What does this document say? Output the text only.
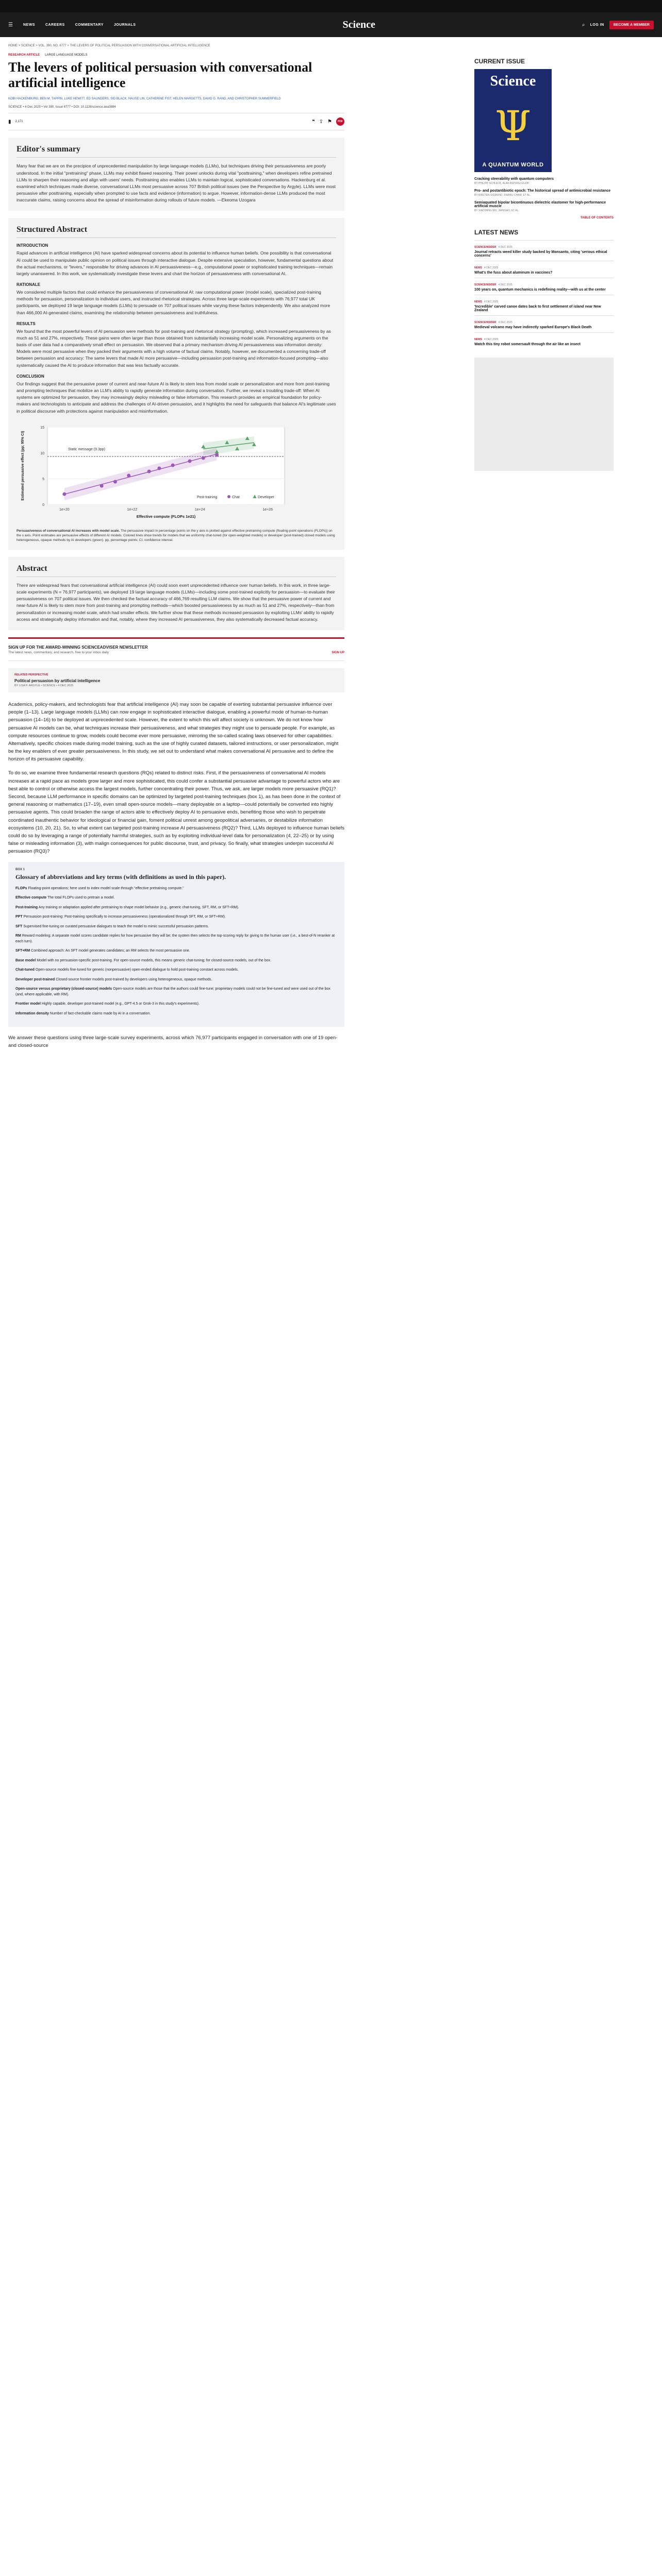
☰	NEWS	CAREERS	COMMENTARY	JOURNALS	Science	⌕ LOG IN	BECOME A MEMBER
HOME > SCIENCE > VOL. 390, NO. 6777 > THE LEVERS OF POLITICAL PERSUASION WITH CONVERSATIONAL ARTIFICIAL INTELLIGENCE
RESEARCH ARTICLE LARGE LANGUAGE MODELS
The levers of political persuasion with conversational artificial intelligence
KOBI HACKENBURG, BEN M. TAPPIN, LUKE HEWITT, ED SAUNDERS, SID BLACK, HAUSE LIN, CATHERINE FIST, HELEN MARGETTS, DAVID G. RAND, AND CHRISTOPHER SUMMERFIELD
SCIENCE • 4 Dec 2025 • Vol 390, Issue 6777 • DOI: 10.1126/science.aea3884
▮ 2,171	❝ ⇪ ⚑	PDF
Editor's summary

Many fear that we are on the precipice of unprecedented manipulation by large language models (LLMs), but techniques driving their persuasiveness are poorly understood. In the initial "pretraining" phase, LLMs may exhibit flawed reasoning. Their power unlocks during vital "posttraining," when developers refine pretrained LLMs to sharpen their reasoning and align with users' needs. Posttraining also enables LLMs to maintain logical, sophisticated conversations. Hackenburg et al. examined which techniques made diverse, conversational LLMs most persuasive across 707 British political issues (see the Perspective by Argyle). LLMs were most persuasive after posttraining, especially when prompted to use facts and evidence (information) to argue. However, information-dense LLMs produced the most inaccurate claims, raising concerns about the spread of misinformation during rollouts of future models. —Ekeoma Uzogara

Structured Abstract
INTRODUCTION

Rapid advances in artificial intelligence (AI) have sparked widespread concerns about its potential to influence human beliefs. One possibility is that conversational AI could be used to manipulate public opinion on political issues through interactive dialogue. Despite extensive speculation, however, fundamental questions about the actual mechanisms, or "levers," responsible for driving advances in AI persuasiveness—e.g., computational power or sophisticated training techniques—remain largely unanswered. In this work, we systematically investigate these levers and chart the horizon of persuasiveness with conversational AI.

RATIONALE

We considered multiple factors that could enhance the persuasiveness of conversational AI: raw computational power (model scale), specialized post-training methods for persuasion, personalization to individual users, and instructed rhetorical strategies. Across three large-scale experiments with 76,977 total UK participants, we deployed 19 large language models (LLMs) to persuade on 707 political issues while varying these factors independently. We also analyzed more than 466,000 AI-generated claims, examining the relationship between persuasiveness and truthfulness.

RESULTS

We found that the most powerful levers of AI persuasion were methods for post-training and rhetorical strategy (prompting), which increased persuasiveness by as much as 51 and 27%, respectively. These gains were often larger than those obtained from substantially increasing model scale. Personalizing arguments on the basis of user data had a comparatively small effect on persuasion. We observed that a primary mechanism driving AI persuasiveness was information density: Models were most persuasive when they packed their arguments with a high volume of factual claims. Notably, however, we documented a concerning trade-off between persuasion and accuracy: The same levers that made AI more persuasive—including persuasion post-training and information-focused prompting—also systematically caused the AI to produce information that was less factually accurate.

CONCLUSION

Our findings suggest that the persuasive power of current and near-future AI is likely to stem less from model scale or personalization and more from post-training and prompting techniques that mobilize an LLM's ability to rapidly generate information during conversation. Further, we reveal a troubling trade-off: When AI systems are optimized for persuasion, they may increasingly deploy misleading or false information. This research provides an empirical foundation for policy-makers and technologists to anticipate and address the challenges of AI-driven persuasion, and it highlights the need for safeguards that balance AI's legitimate uses in political discourse with protections against manipulation and misinformation.

0
5
10
15
1e+20	1e+22	1e+24	1e+26
Effective compute (FLOPs 1e21)
Estimated persuasive effect (pp; 95% CI)	Static message (9.3pp)
Post-training	Chat	Developer
Persuasiveness of conversational AI increases with model scale. The persuasive impact in percentage points on the y axis is plotted against effective pretraining compute (floating-point operations (FLOPs)) on the x axis. Point estimates are persuasive effects of different AI models. Colored lines show trends for models that we uniformly chat-tuned (for open-weighted models) or developer (post-trained) closed models using heterogeneous, opaque methods by AI developers (green). pp, percentage points; CI, confidence interval.
Abstract

There are widespread fears that conversational artificial intelligence (AI) could soon exert unprecedented influence over human beliefs. In this work, in three large-scale experiments (N = 76,977 participants), we deployed 19 large language models (LLMs)—including some post-trained explicitly for persuasion—to evaluate their persuasiveness on 707 political issues. We then checked the factual accuracy of 466,769 resulting LLM claims. We show that the persuasive power of current and near-future AI is likely to stem more from post-training and prompting methods—which boosted persuasiveness by as much as 51 and 27%, respectively—than from personalization or increasing model scale, which had smaller effects. We further show that these methods increased persuasion by exploiting LLMs' ability to rapidly access and strategically deploy information and that, notably, where they increased AI persuasiveness, they also systematically decreased factual accuracy.

SIGN UP FOR THE AWARD-WINNING SCIENCEADVISER NEWSLETTER
The latest news, commentary, and research, free to your inbox daily	SIGN UP
RELATED PERSPECTIVE
Political persuasion by artificial intelligence
BY LISA P. ARGYLE • SCIENCE • 4 DEC 2025

Academics, policy-makers, and technologists fear that artificial intelligence (AI) may soon be capable of exerting substantial persuasive influence over people (1–13). Large language models (LLMs) can now engage in sophisticated interactive dialogue, enabling a powerful mode of human-to-human persuasion (14–16) to be deployed at unprecedented scale. However, the extent to which this will affect society is unknown. We do not know how persuasive AI models can be, what techniques increase their persuasiveness, and what strategies they might use to persuade people. For example, as compute resources continue to grow, models could become ever more persuasive, mirroring the so-called scaling laws observed for other capabilities. Alternatively, specific choices made during model training, such as the use of highly curated datasets, tailored instructions, or user personalization, might be the key enablers of ever greater persuasiveness. In this study, we set out to understand what makes conversational AI persuasive and to define the horizon of its persuasive capability.

To do so, we examine three fundamental research questions (RQs) related to distinct risks. First, if the persuasiveness of conversational AI models increases at a rapid pace as models grow larger and more sophisticated, this could confer a substantial persuasive advantage to powerful actors who are best able to control or otherwise access the largest models, further concentrating their power. Thus, we ask, are larger models more persuasive (RQ1)? Second, because LLM performance in specific domains can be optimized by targeted post-training techniques (box 1), as has been done in the context of general reasoning or mathematics (17–19), even small open-source models—many deployable on a laptop—could potentially be converted into highly persuasive agents. This could broaden the range of actors able to effectively deploy AI to persuasive ends, benefiting those who wish to perpetrate coordinated inauthentic behavior for ideological or financial gain, foment political unrest among geopolitical adversaries, or destabilize information ecosystems (10, 20, 21). So, to what extent can targeted post-training increase AI persuasiveness (RQ2)? Third, LLMs deployed to influence human beliefs could do so by leveraging a range of potentially harmful strategies, such as by exploiting individual-level data for personalization (4, 22–25) or by using false or misleading information (3), with malign consequences for public discourse, trust, and privacy. So finally, what strategies underpin successful AI persuasion (RQ3)?

BOX 1
Glossary of abbreviations and key terms (with definitions as used in this paper).
FLOPs Floating-point operations; here used to index model scale through "effective pretraining compute."
Effective compute The total FLOPs used to pretrain a model.
Post-training Any training or adaptation applied after pretraining to shape model behavior (e.g., generic chat-tuning, SFT, RM, or SFT+RM).
PPT Persuasion post-training: Post-training specifically to increase persuasiveness (operationalized through SFT, RM, or SFT+RM).
SFT Supervised fine-tuning on curated persuasive dialogues to teach the model to mimic successful persuasion patterns.
RM Reward modeling: A separate model scores candidate replies for how persuasive they will be; the system then selects the top-scoring reply for giving to the human user (i.e., a best-of-N reranker at each turn).
SFT+RM Combined approach: An SFT model generates candidates; an RM selects the most persuasive one.
Base model Model with no persuasion-specific post-training. For open-source models, this means generic chat-tuning; for closed-source models, out of the box.
Chat-tuned Open-source models fine-tuned for generic (nonpersuasive) open-ended dialogue to hold post-training constant across models.
Developer post-trained Closed-source frontier models post-trained by developers using heterogeneous, opaque methods.
Open-source versus proprietary (closed-source) models Open-source models are those that the authors could fine-tune; proprietary models could not be fine-tuned and were used out of the box (and, where applicable, with RM).
Frontier model Highly capable, developer post-trained model (e.g., GPT-4.5 or Grok-3 in this study's experiments).
Information density Number of fact-checkable claims made by AI in a conversation.

We answer these questions using three large-scale survey experiments, across which 76,977 participants engaged in conversation with one of 19 open- and closed-source

CURRENT ISSUE
Science
Ψ
A QUANTUM WORLD
Cracking steerability with quantum computers
BY PHILIPP SCHLECK, ALAN ASPURU-GUZIK
Pro- and postantibiotic epoch: The historical spread of antimicrobial resistance
BY KIRSTEN SIGMUND, KWAKU CHAM, ET AL.
Semiaquated bipolar bicontinuous dielectric elastomer for high-performance artificial muscle
BY XIAOYANG WU, JIAN'GAO, ET AL.
TABLE OF CONTENTS
LATEST NEWS
SCIENCEINSIDER 4 DEC 2025
Journal retracts weed killer study backed by Monsanto, citing 'serious ethical concerns'
NEWS 4 DEC 2025
What's the fuss about aluminum in vaccines?
SCIENCEINSIDER 4 DEC 2025
100 years on, quantum mechanics is redefining reality—with us at the center
NEWS 4 DEC 2025
'Incredible' carved canoe dates back to first settlement of island near New Zealand
SCIENCEINSIDER 4 DEC 2025
Medieval volcano may have indirectly sparked Europe's Black Death
NEWS 4 DEC 2025
Watch this tiny robot somersault through the air like an insect
